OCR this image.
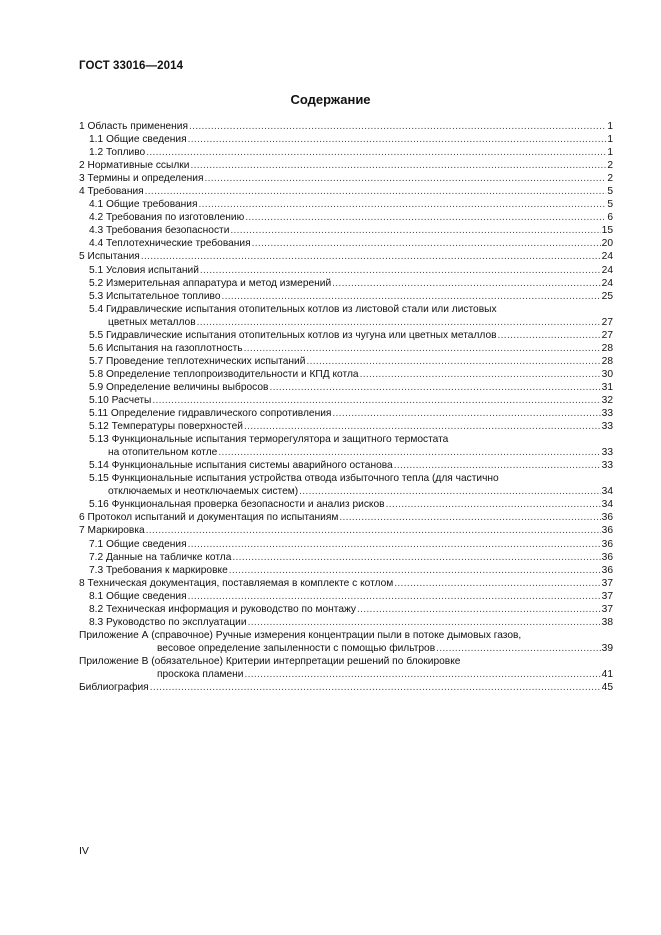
ГОСТ 33016—2014
Содержание
1 Область применения .....	1
1.1 Общие сведения .....	1
1.2 Топливо .....	1
2 Нормативные ссылки .....	2
3 Термины и определения .....	2
4 Требования .....	5
4.1 Общие требования .....	5
4.2 Требования по изготовлению .....	6
4.3 Требования безопасности .....	15
4.4 Теплотехнические требования .....	20
5 Испытания .....	24
5.1 Условия испытаний .....	24
5.2 Измерительная аппаратура и метод измерений .....	24
5.3 Испытательное топливо .....	25
5.4 Гидравлические испытания отопительных котлов из листовой стали или листовых
цветных металлов .....	27
5.5 Гидравлические испытания отопительных котлов из чугуна или цветных металлов .....	27
5.6 Испытания на газоплотность .....	28
5.7 Проведение теплотехнических испытаний .....	28
5.8 Определение теплопроизводительности и КПД котла .....	30
5.9 Определение величины выбросов .....	31
5.10 Расчеты .....	32
5.11 Определение гидравлического сопротивления .....	33
5.12 Температуры поверхностей .....	33
5.13 Функциональные испытания терморегулятора и защитного термостата
на отопительном котле .....	33
5.14 Функциональные испытания системы аварийного останова .....	33
5.15 Функциональные испытания устройства отвода избыточного тепла (для частично
отключаемых и неотключаемых систем) .....	34
5.16 Функциональная проверка безопасности и анализ рисков .....	34
6 Протокол испытаний и документация по испытаниям .....	36
7 Маркировка .....	36
7.1 Общие сведения .....	36
7.2 Данные на табличке котла .....	36
7.3 Требования к маркировке .....	36
8 Техническая документация, поставляемая в комплекте с котлом .....	37
8.1 Общие сведения .....	37
8.2 Техническая информация и руководство по монтажу .....	37
8.3 Руководство по эксплуатации .....	38
Приложение А (справочное) Ручные измерения концентрации пыли в потоке дымовых газов,
весовое определение запыленности с помощью фильтров .....	39
Приложение В (обязательное) Критерии интерпретации решений по блокировке
проскока пламени .....	41
Библиография .....	45
IV
